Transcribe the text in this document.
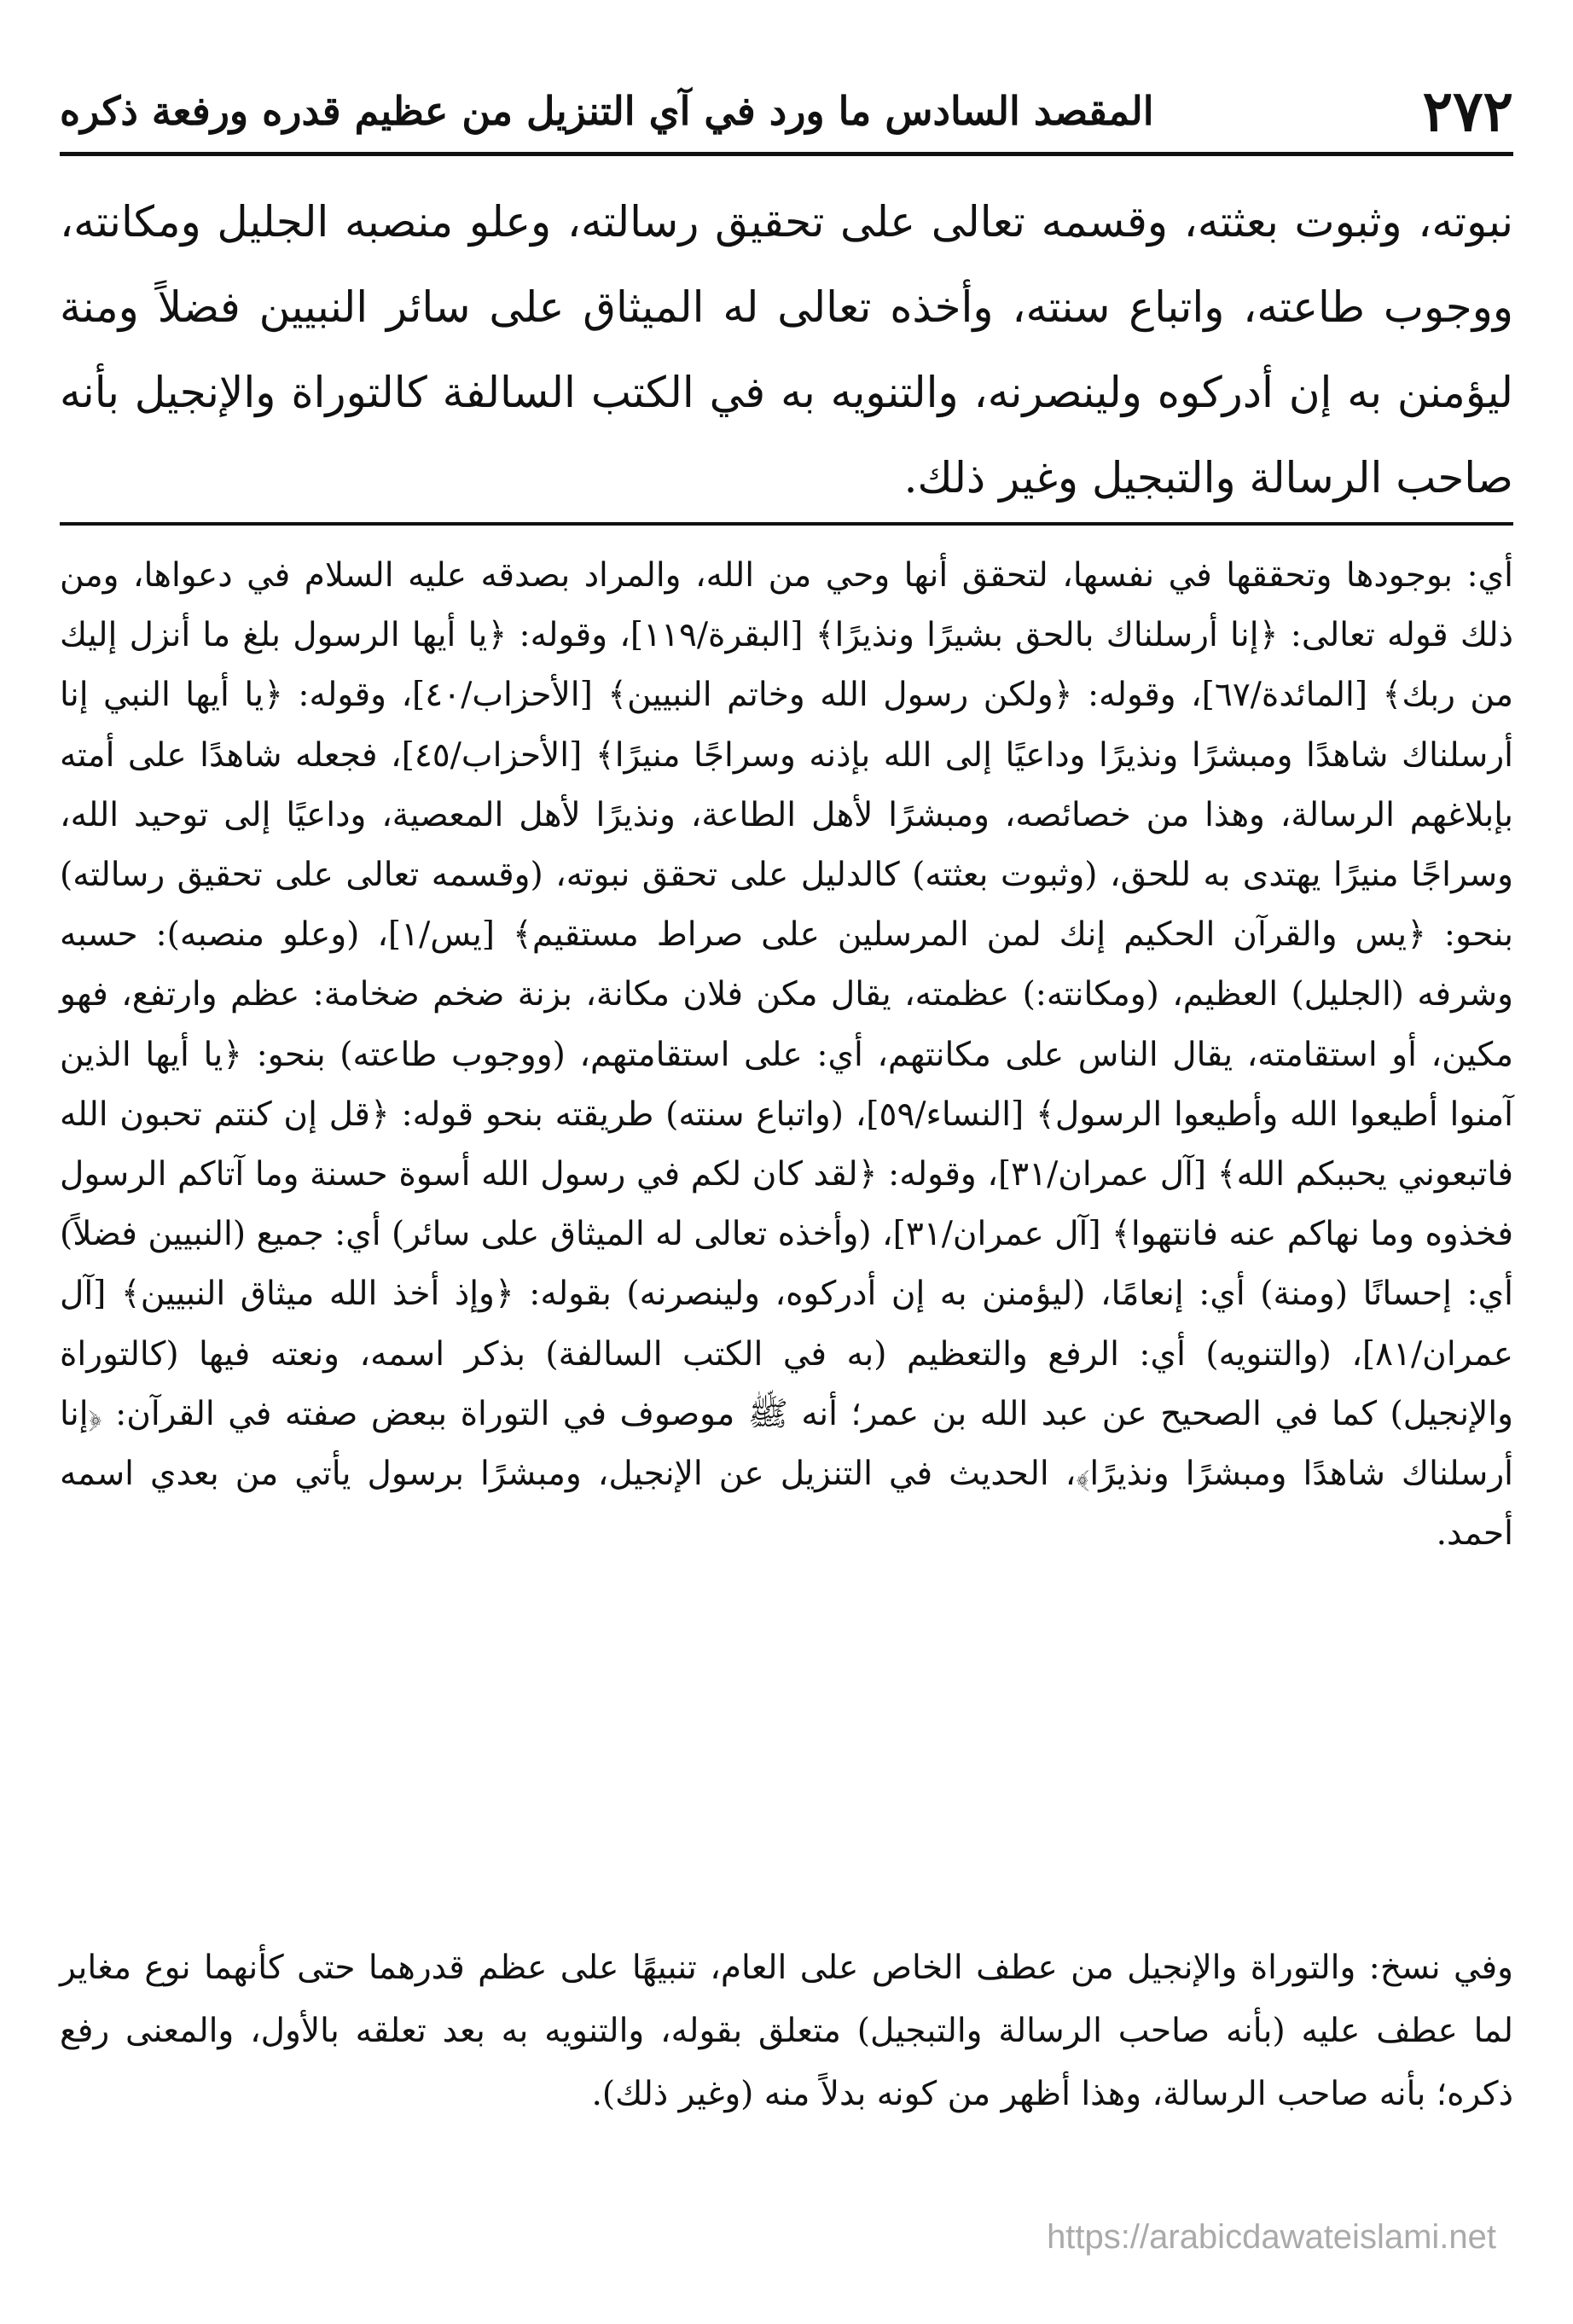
٢٧٢
المقصد السادس ما ورد في آي التنزيل من عظيم قدره ورفعة ذكره
نبوته، وثبوت بعثته، وقسمه تعالى على تحقيق رسالته، وعلو منصبه الجليل ومكانته، ووجوب طاعته، واتباع سنته، وأخذه تعالى له الميثاق على سائر النبيين فضلاً ومنة ليؤمنن به إن أدركوه ولينصرنه، والتنويه به في الكتب السالفة كالتوراة والإنجيل بأنه صاحب الرسالة والتبجيل وغير ذلك.
أي: بوجودها وتحققها في نفسها، لتحقق أنها وحي من الله، والمراد بصدقه عليه السلام في دعواها، ومن ذلك قوله تعالى: ﴿إنا أرسلناك بالحق بشيرًا ونذيرًا﴾ [البقرة/١١٩]، وقوله: ﴿يا أيها الرسول بلغ ما أنزل إليك من ربك﴾ [المائدة/٦٧]، وقوله: ﴿ولكن رسول الله وخاتم النبيين﴾ [الأحزاب/٤٠]، وقوله: ﴿يا أيها النبي إنا أرسلناك شاهدًا ومبشرًا ونذيرًا وداعيًا إلى الله بإذنه وسراجًا منيرًا﴾ [الأحزاب/٤٥]، فجعله شاهدًا على أمته بإبلاغهم الرسالة، وهذا من خصائصه، ومبشرًا لأهل الطاعة، ونذيرًا لأهل المعصية، وداعيًا إلى توحيد الله، وسراجًا منيرًا يهتدى به للحق، (وثبوت بعثته) كالدليل على تحقق نبوته، (وقسمه تعالى على تحقيق رسالته) بنحو: ﴿يس والقرآن الحكيم إنك لمن المرسلين على صراط مستقيم﴾ [يس/١]، (وعلو منصبه): حسبه وشرفه (الجليل) العظيم، (ومكانته:) عظمته، يقال مكن فلان مكانة، بزنة ضخم ضخامة: عظم وارتفع، فهو مكين، أو استقامته، يقال الناس على مكانتهم، أي: على استقامتهم، (ووجوب طاعته) بنحو: ﴿يا أيها الذين آمنوا أطيعوا الله وأطيعوا الرسول﴾ [النساء/٥٩]، (واتباع سنته) طريقته بنحو قوله: ﴿قل إن كنتم تحبون الله فاتبعوني يحببكم الله﴾ [آل عمران/٣١]، وقوله: ﴿لقد كان لكم في رسول الله أسوة حسنة وما آتاكم الرسول فخذوه وما نهاكم عنه فانتهوا﴾ [آل عمران/٣١]، (وأخذه تعالى له الميثاق على سائر) أي: جميع (النبيين فضلاً) أي: إحسانًا (ومنة) أي: إنعامًا، (ليؤمنن به إن أدركوه، ولينصرنه) بقوله: ﴿وإذ أخذ الله ميثاق النبيين﴾ [آل عمران/٨١]، (والتنويه) أي: الرفع والتعظيم (به في الكتب السالفة) بذكر اسمه، ونعته فيها (كالتوراة والإنجيل) كما في الصحيح عن عبد الله بن عمر؛ أنه ﷺ موصوف في التوراة ببعض صفته في القرآن: ﴿إنا أرسلناك شاهدًا ومبشرًا ونذيرًا﴾، الحديث في التنزيل عن الإنجيل، ومبشرًا برسول يأتي من بعدي اسمه أحمد.
وفي نسخ: والتوراة والإنجيل من عطف الخاص على العام، تنبيهًا على عظم قدرهما حتى كأنهما نوع مغاير لما عطف عليه (بأنه صاحب الرسالة والتبجيل) متعلق بقوله، والتنويه به بعد تعلقه بالأول، والمعنى رفع ذكره؛ بأنه صاحب الرسالة، وهذا أظهر من كونه بدلاً منه (وغير ذلك).
https://arabicdawateislami.net
